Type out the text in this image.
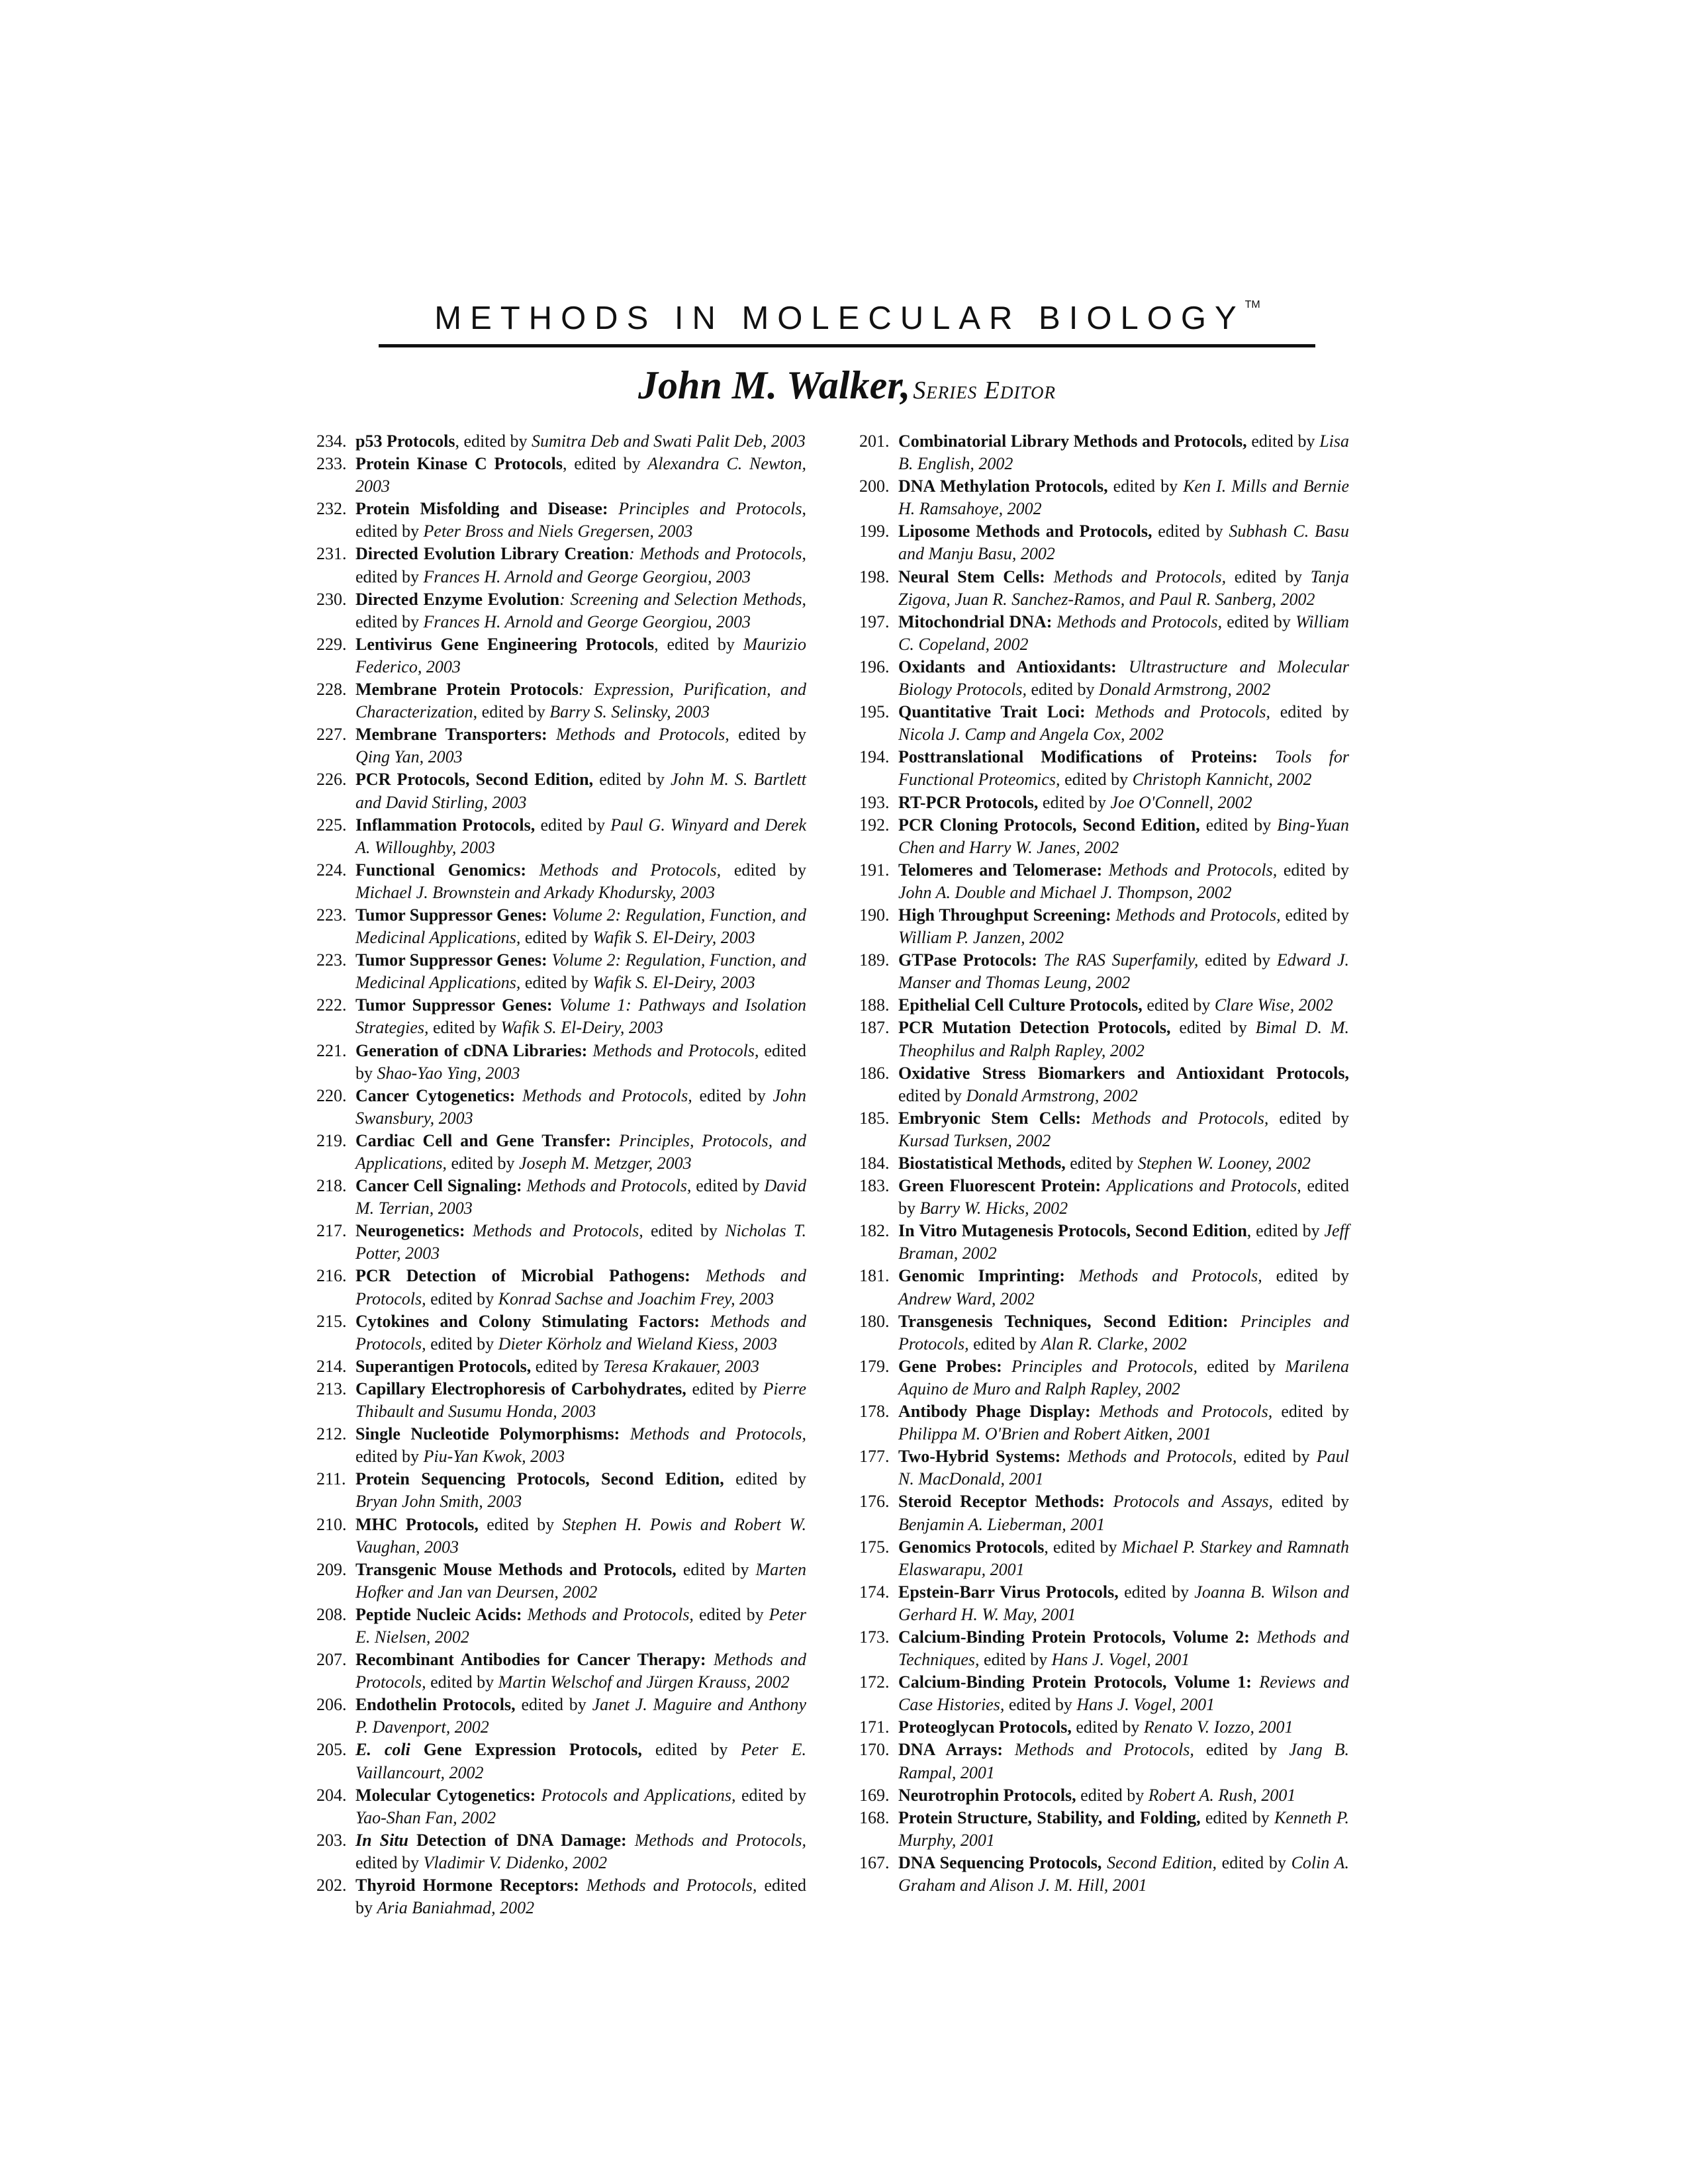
METHODS IN MOLECULAR BIOLOGY™
John M. Walker, Series Editor
234. p53 Protocols, edited by Sumitra Deb and Swati Palit Deb, 2003
233. Protein Kinase C Protocols, edited by Alexandra C. Newton, 2003
232. Protein Misfolding and Disease: Principles and Protocols, edited by Peter Bross and Niels Gregersen, 2003
231. Directed Evolution Library Creation: Methods and Protocols, edited by Frances H. Arnold and George Georgiou, 2003
230. Directed Enzyme Evolution: Screening and Selection Methods, edited by Frances H. Arnold and George Georgiou, 2003
229. Lentivirus Gene Engineering Protocols, edited by Maurizio Federico, 2003
228. Membrane Protein Protocols: Expression, Purification, and Characterization, edited by Barry S. Selinsky, 2003
227. Membrane Transporters: Methods and Protocols, edited by Qing Yan, 2003
226. PCR Protocols, Second Edition, edited by John M. S. Bartlett and David Stirling, 2003
225. Inflammation Protocols, edited by Paul G. Winyard and Derek A. Willoughby, 2003
224. Functional Genomics: Methods and Protocols, edited by Michael J. Brownstein and Arkady Khodursky, 2003
223. Tumor Suppressor Genes: Volume 2: Regulation, Function, and Medicinal Applications, edited by Wafik S. El-Deiry, 2003
223. Tumor Suppressor Genes: Volume 2: Regulation, Function, and Medicinal Applications, edited by Wafik S. El-Deiry, 2003
222. Tumor Suppressor Genes: Volume 1: Pathways and Isolation Strategies, edited by Wafik S. El-Deiry, 2003
221. Generation of cDNA Libraries: Methods and Protocols, edited by Shao-Yao Ying, 2003
220. Cancer Cytogenetics: Methods and Protocols, edited by John Swansbury, 2003
219. Cardiac Cell and Gene Transfer: Principles, Protocols, and Applications, edited by Joseph M. Metzger, 2003
218. Cancer Cell Signaling: Methods and Protocols, edited by David M. Terrian, 2003
217. Neurogenetics: Methods and Protocols, edited by Nicholas T. Potter, 2003
216. PCR Detection of Microbial Pathogens: Methods and Protocols, edited by Konrad Sachse and Joachim Frey, 2003
215. Cytokines and Colony Stimulating Factors: Methods and Protocols, edited by Dieter Körholz and Wieland Kiess, 2003
214. Superantigen Protocols, edited by Teresa Krakauer, 2003
213. Capillary Electrophoresis of Carbohydrates, edited by Pierre Thibault and Susumu Honda, 2003
212. Single Nucleotide Polymorphisms: Methods and Protocols, edited by Piu-Yan Kwok, 2003
211. Protein Sequencing Protocols, Second Edition, edited by Bryan John Smith, 2003
210. MHC Protocols, edited by Stephen H. Powis and Robert W. Vaughan, 2003
209. Transgenic Mouse Methods and Protocols, edited by Marten Hofker and Jan van Deursen, 2002
208. Peptide Nucleic Acids: Methods and Protocols, edited by Peter E. Nielsen, 2002
207. Recombinant Antibodies for Cancer Therapy: Methods and Protocols, edited by Martin Welschof and Jürgen Krauss, 2002
206. Endothelin Protocols, edited by Janet J. Maguire and Anthony P. Davenport, 2002
205. E. coli Gene Expression Protocols, edited by Peter E. Vaillancourt, 2002
204. Molecular Cytogenetics: Protocols and Applications, edited by Yao-Shan Fan, 2002
203. In Situ Detection of DNA Damage: Methods and Protocols, edited by Vladimir V. Didenko, 2002
202. Thyroid Hormone Receptors: Methods and Protocols, edited by Aria Baniahmad, 2002
201. Combinatorial Library Methods and Protocols, edited by Lisa B. English, 2002
200. DNA Methylation Protocols, edited by Ken I. Mills and Bernie H. Ramsahoye, 2002
199. Liposome Methods and Protocols, edited by Subhash C. Basu and Manju Basu, 2002
198. Neural Stem Cells: Methods and Protocols, edited by Tanja Zigova, Juan R. Sanchez-Ramos, and Paul R. Sanberg, 2002
197. Mitochondrial DNA: Methods and Protocols, edited by William C. Copeland, 2002
196. Oxidants and Antioxidants: Ultrastructure and Molecular Biology Protocols, edited by Donald Armstrong, 2002
195. Quantitative Trait Loci: Methods and Protocols, edited by Nicola J. Camp and Angela Cox, 2002
194. Posttranslational Modifications of Proteins: Tools for Functional Proteomics, edited by Christoph Kannicht, 2002
193. RT-PCR Protocols, edited by Joe O'Connell, 2002
192. PCR Cloning Protocols, Second Edition, edited by Bing-Yuan Chen and Harry W. Janes, 2002
191. Telomeres and Telomerase: Methods and Protocols, edited by John A. Double and Michael J. Thompson, 2002
190. High Throughput Screening: Methods and Protocols, edited by William P. Janzen, 2002
189. GTPase Protocols: The RAS Superfamily, edited by Edward J. Manser and Thomas Leung, 2002
188. Epithelial Cell Culture Protocols, edited by Clare Wise, 2002
187. PCR Mutation Detection Protocols, edited by Bimal D. M. Theophilus and Ralph Rapley, 2002
186. Oxidative Stress Biomarkers and Antioxidant Protocols, edited by Donald Armstrong, 2002
185. Embryonic Stem Cells: Methods and Protocols, edited by Kursad Turksen, 2002
184. Biostatistical Methods, edited by Stephen W. Looney, 2002
183. Green Fluorescent Protein: Applications and Protocols, edited by Barry W. Hicks, 2002
182. In Vitro Mutagenesis Protocols, Second Edition, edited by Jeff Braman, 2002
181. Genomic Imprinting: Methods and Protocols, edited by Andrew Ward, 2002
180. Transgenesis Techniques, Second Edition: Principles and Protocols, edited by Alan R. Clarke, 2002
179. Gene Probes: Principles and Protocols, edited by Marilena Aquino de Muro and Ralph Rapley, 2002
178. Antibody Phage Display: Methods and Protocols, edited by Philippa M. O'Brien and Robert Aitken, 2001
177. Two-Hybrid Systems: Methods and Protocols, edited by Paul N. MacDonald, 2001
176. Steroid Receptor Methods: Protocols and Assays, edited by Benjamin A. Lieberman, 2001
175. Genomics Protocols, edited by Michael P. Starkey and Ramnath Elaswarapu, 2001
174. Epstein-Barr Virus Protocols, edited by Joanna B. Wilson and Gerhard H. W. May, 2001
173. Calcium-Binding Protein Protocols, Volume 2: Methods and Techniques, edited by Hans J. Vogel, 2001
172. Calcium-Binding Protein Protocols, Volume 1: Reviews and Case Histories, edited by Hans J. Vogel, 2001
171. Proteoglycan Protocols, edited by Renato V. Iozzo, 2001
170. DNA Arrays: Methods and Protocols, edited by Jang B. Rampal, 2001
169. Neurotrophin Protocols, edited by Robert A. Rush, 2001
168. Protein Structure, Stability, and Folding, edited by Kenneth P. Murphy, 2001
167. DNA Sequencing Protocols, Second Edition, edited by Colin A. Graham and Alison J. M. Hill, 2001
